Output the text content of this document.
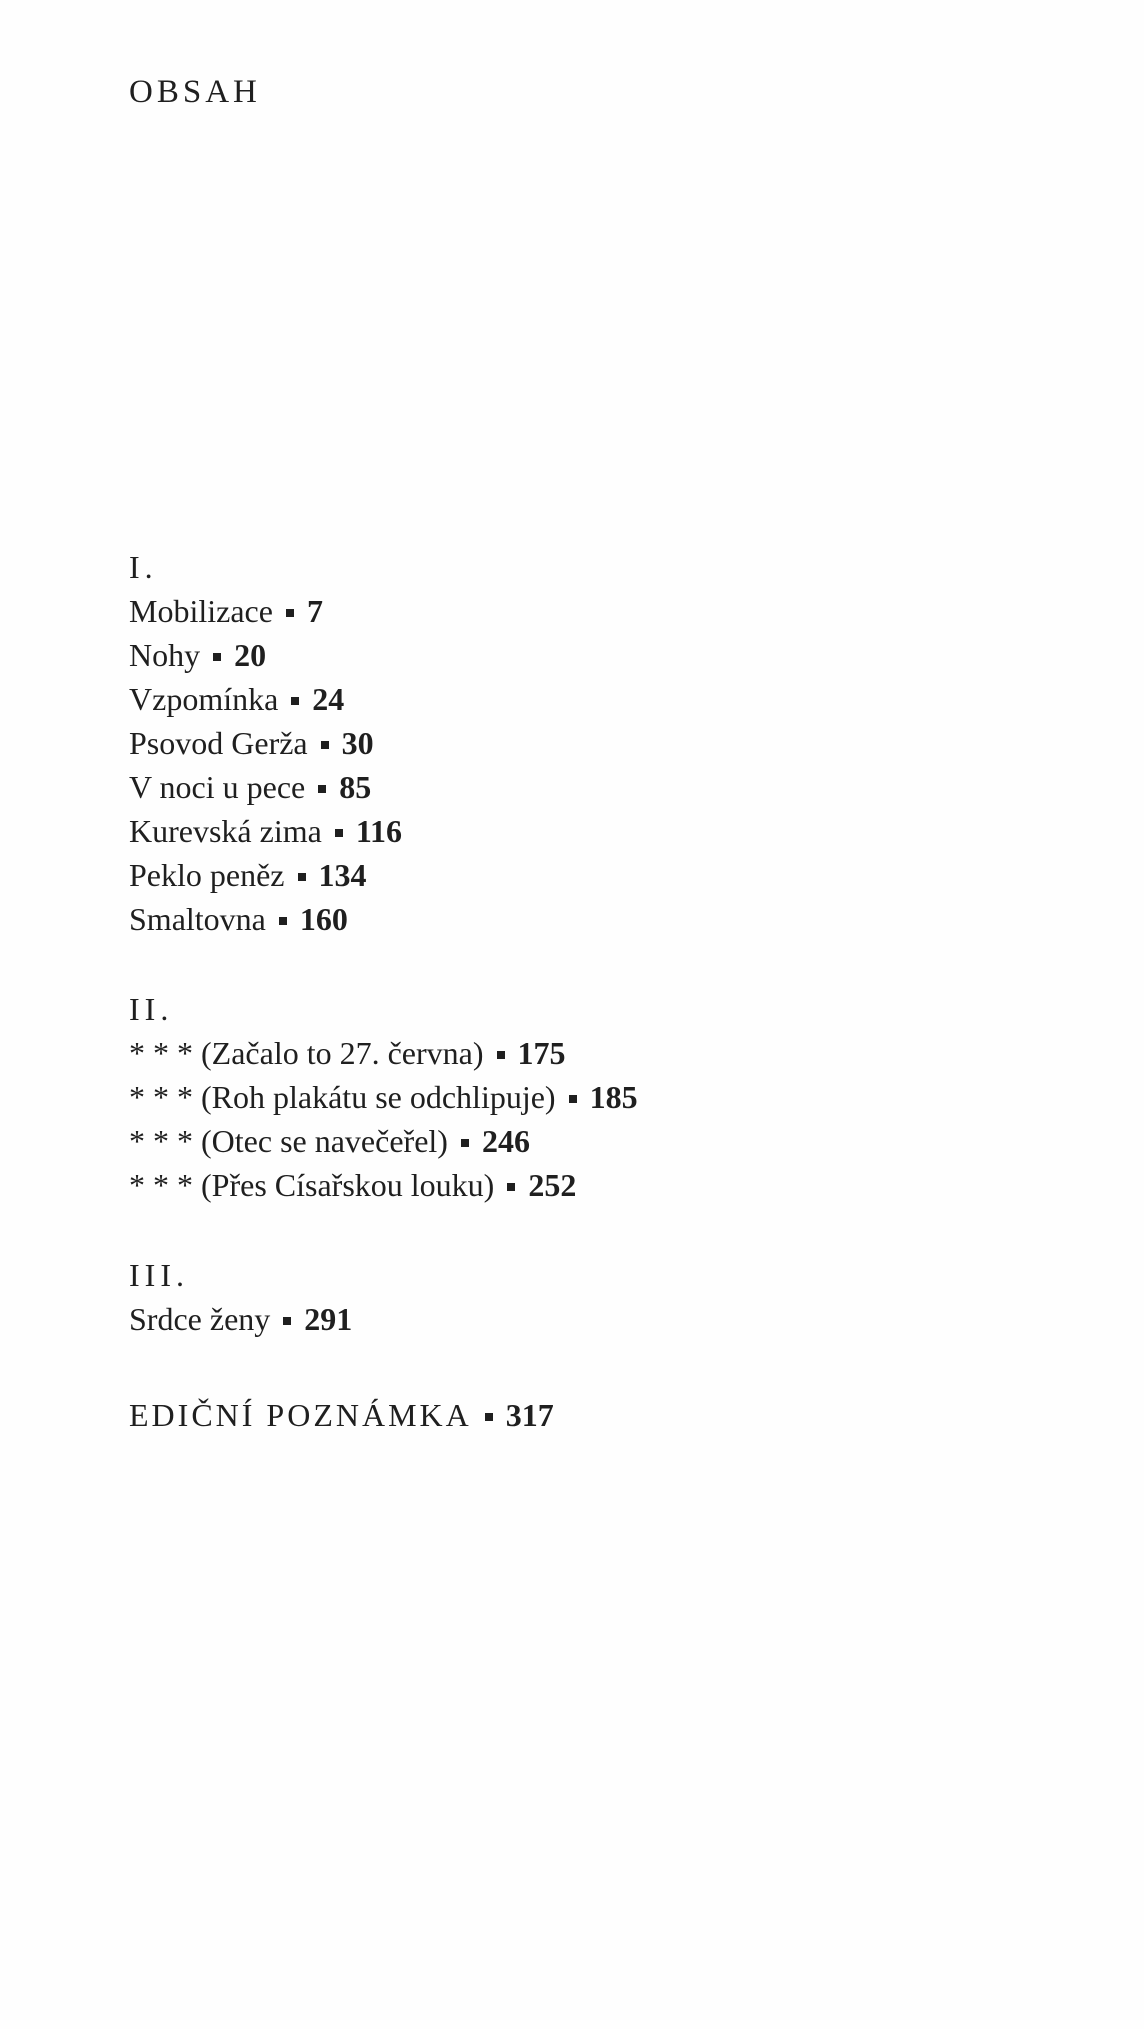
OBSAH
I.
Mobilizace 7
Nohy 20
Vzpomínka 24
Psovod Gerža 30
V noci u pece 85
Kurevská zima 116
Peklo peněz 134
Smaltovna 160
II.
* * * (Začalo to 27. června) 175
* * * (Roh plakátu se odchlipuje) 185
* * * (Otec se navečeřel) 246
* * * (Přes Císařskou louku) 252
III.
Srdce ženy 291
EDIČNÍ POZNÁMKA 317
